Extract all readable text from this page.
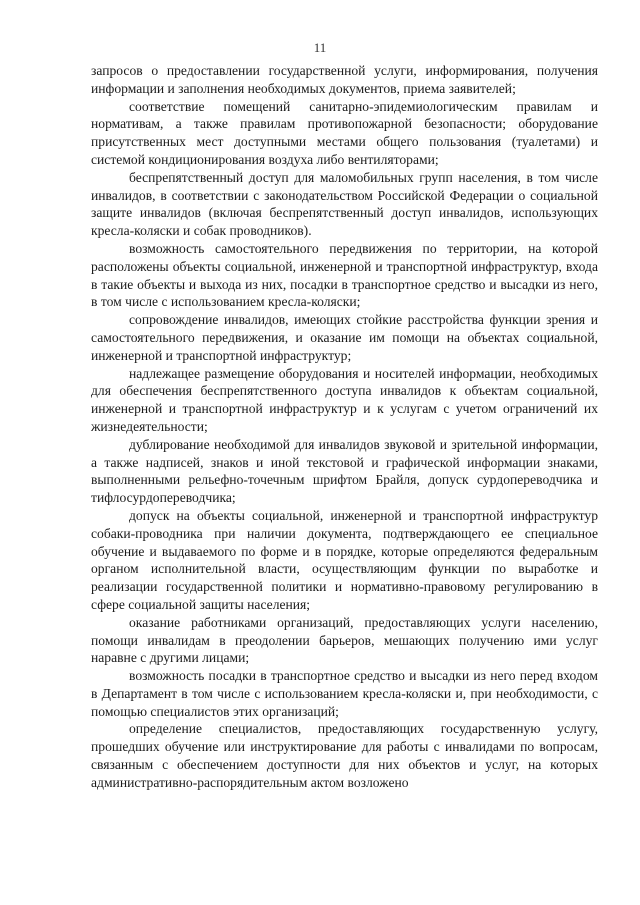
11

запросов о предоставлении государственной услуги, информирования, получения информации и заполнения необходимых документов, приема заявителей;

соответствие помещений санитарно-эпидемиологическим правилам и нормативам, а также правилам противопожарной безопасности; оборудование присутственных мест доступными местами общего пользования (туалетами) и системой кондиционирования воздуха либо вентиляторами;

беспрепятственный доступ для маломобильных групп населения, в том числе инвалидов, в соответствии с законодательством Российской Федерации о социальной защите инвалидов (включая беспрепятственный доступ инвалидов, использующих кресла-коляски и собак проводников).

возможность самостоятельного передвижения по территории, на которой расположены объекты социальной, инженерной и транспортной инфраструктур, входа в такие объекты и выхода из них, посадки в транспортное средство и высадки из него, в том числе с использованием кресла-коляски;

сопровождение инвалидов, имеющих стойкие расстройства функции зрения и самостоятельного передвижения, и оказание им помощи на объектах социальной, инженерной и транспортной инфраструктур;

надлежащее размещение оборудования и носителей информации, необходимых для обеспечения беспрепятственного доступа инвалидов к объектам социальной, инженерной и транспортной инфраструктур и к услугам с учетом ограничений их жизнедеятельности;

дублирование необходимой для инвалидов звуковой и зрительной информации, а также надписей, знаков и иной текстовой и графической информации знаками, выполненными рельефно-точечным шрифтом Брайля, допуск сурдопереводчика и тифлосурдопереводчика;

допуск на объекты социальной, инженерной и транспортной инфраструктур собаки-проводника при наличии документа, подтверждающего ее специальное обучение и выдаваемого по форме и в порядке, которые определяются федеральным органом исполнительной власти, осуществляющим функции по выработке и реализации государственной политики и нормативно-правовому регулированию в сфере социальной защиты населения;

оказание работниками организаций, предоставляющих услуги населению, помощи инвалидам в преодолении барьеров, мешающих получению ими услуг наравне с другими лицами;

возможность посадки в транспортное средство и высадки из него перед входом в Департамент в том числе с использованием кресла-коляски и, при необходимости, с помощью специалистов этих организаций;

определение специалистов, предоставляющих государственную услугу, прошедших обучение или инструктирование для работы с инвалидами по вопросам, связанным с обеспечением доступности для них объектов и услуг, на которых административно-распорядительным актом возложено
